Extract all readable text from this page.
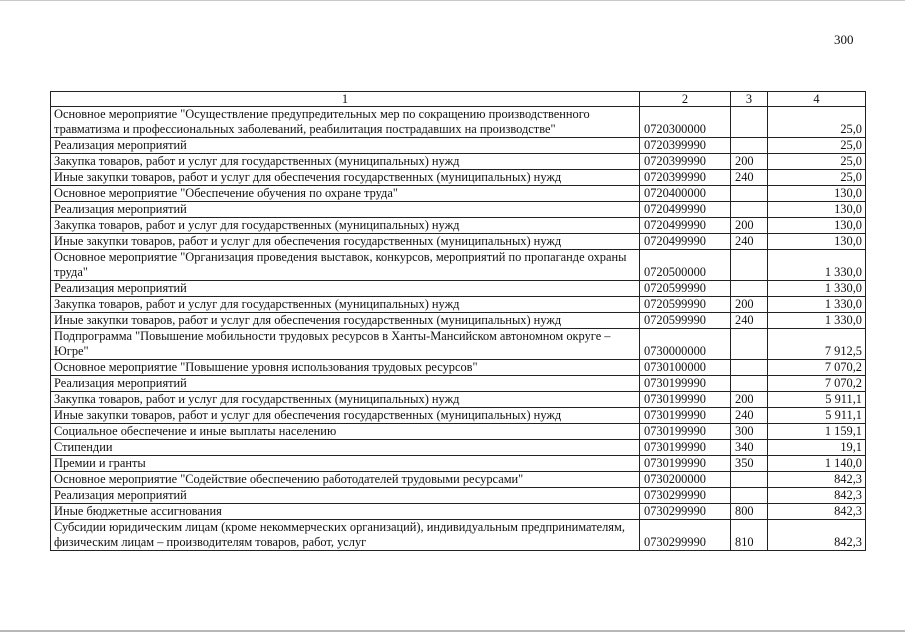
300
1	2	3	4
Основное мероприятие "Осуществление предупредительных мер по сокращению производственного травматизма и профессиональных заболеваний, реабилитация пострадавших на производстве"	0720300000		25,0
Реализация мероприятий	0720399990		25,0
Закупка товаров, работ и услуг для государственных (муниципальных) нужд	0720399990	200	25,0
Иные закупки товаров, работ и услуг для обеспечения государственных (муниципальных) нужд	0720399990	240	25,0
Основное мероприятие "Обеспечение обучения по охране труда"	0720400000		130,0
Реализация мероприятий	0720499990		130,0
Закупка товаров, работ и услуг для государственных (муниципальных) нужд	0720499990	200	130,0
Иные закупки товаров, работ и услуг для обеспечения государственных (муниципальных) нужд	0720499990	240	130,0
Основное мероприятие "Организация проведения выставок, конкурсов, мероприятий по пропаганде охраны труда"	0720500000		1 330,0
Реализация мероприятий	0720599990		1 330,0
Закупка товаров, работ и услуг для государственных (муниципальных) нужд	0720599990	200	1 330,0
Иные закупки товаров, работ и услуг для обеспечения государственных (муниципальных) нужд	0720599990	240	1 330,0
Подпрограмма "Повышение мобильности трудовых ресурсов в Ханты-Мансийском автономном округе – Югре"	0730000000		7 912,5
Основное мероприятие "Повышение уровня использования трудовых ресурсов"	0730100000		7 070,2
Реализация мероприятий	0730199990		7 070,2
Закупка товаров, работ и услуг для государственных (муниципальных) нужд	0730199990	200	5 911,1
Иные закупки товаров, работ и услуг для обеспечения государственных (муниципальных) нужд	0730199990	240	5 911,1
Социальное обеспечение и иные выплаты населению	0730199990	300	1 159,1
Стипендии	0730199990	340	19,1
Премии и гранты	0730199990	350	1 140,0
Основное мероприятие "Содействие обеспечению работодателей трудовыми ресурсами"	0730200000		842,3
Реализация мероприятий	0730299990		842,3
Иные бюджетные ассигнования	0730299990	800	842,3
Субсидии юридическим лицам (кроме некоммерческих организаций), индивидуальным предпринимателям, физическим лицам – производителям товаров, работ, услуг	0730299990	810	842,3
